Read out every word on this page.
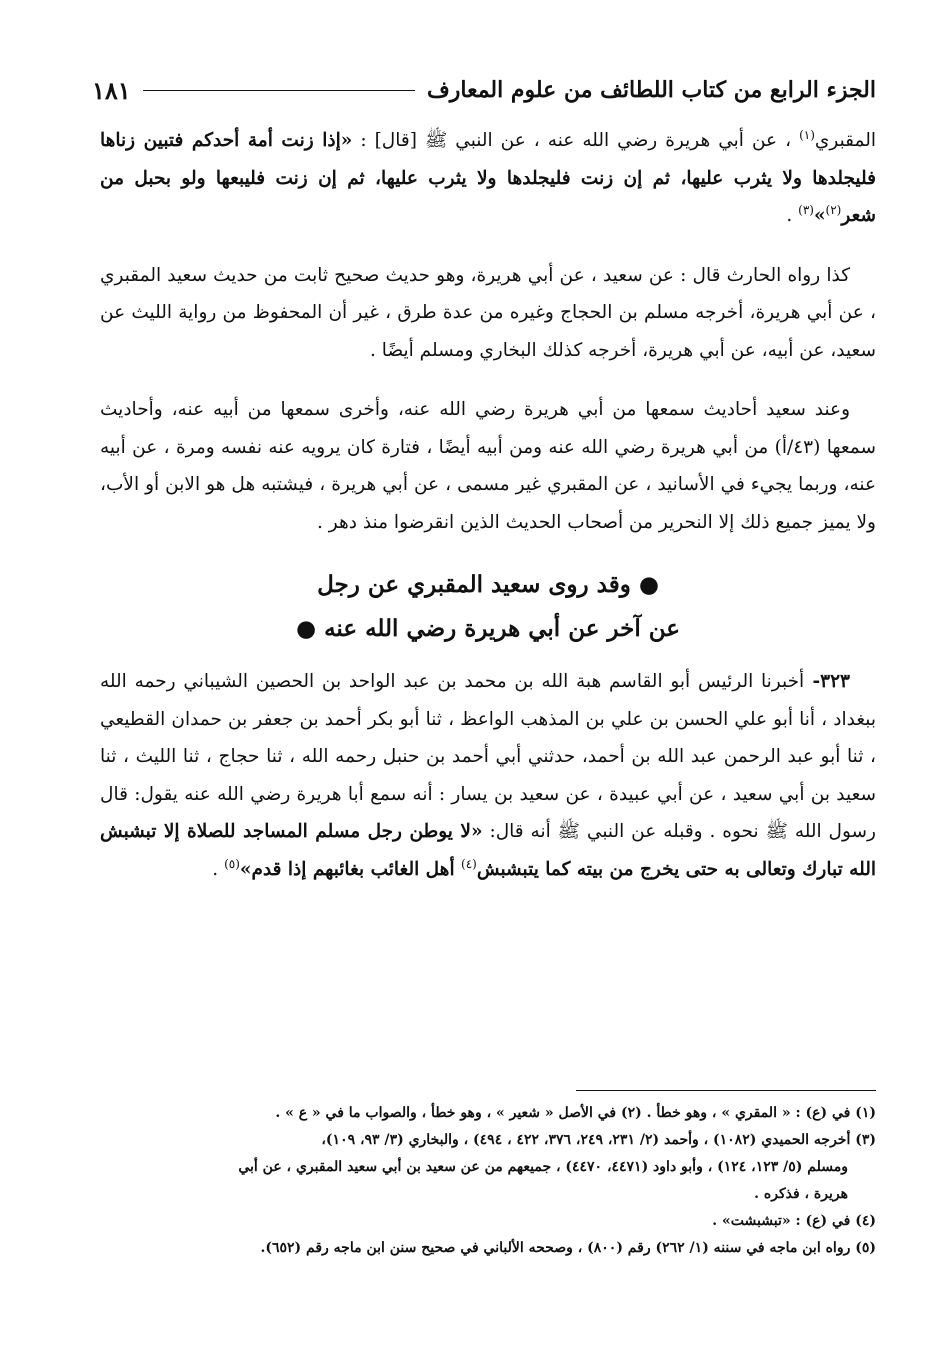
الجزء الرابع من كتاب اللطائف من علوم المعارف
١٨١

المقبري$^{(١)}$ ، عن أبي هريرة رضي الله عنه ، عن النبي ﷺ [قال] : «إذا زنت أمة أحدكم فتبين زناها فليجلدها ولا يثرب عليها، ثم إن زنت فليجلدها ولا يثرب عليها، ثم إن زنت فليبعها ولو بحبل من شعر$^{(٢)}$»$^{(٣)}$ .

كذا رواه الحارث قال : عن سعيد ، عن أبي هريرة، وهو حديث صحيح ثابت من حديث سعيد المقبري ، عن أبي هريرة، أخرجه مسلم بن الحجاج وغيره من عدة طرق ، غير أن المحفوظ من رواية الليث عن سعيد، عن أبيه، عن أبي هريرة، أخرجه كذلك البخاري ومسلم أيضًا .

وعند سعيد أحاديث سمعها من أبي هريرة رضي الله عنه، وأخرى سمعها من أبيه عنه، وأحاديث سمعها (٤٣/أ) من أبي هريرة رضي الله عنه ومن أبيه أيضًا ، فتارة كان يرويه عنه نفسه ومرة ، عن أبيه عنه، وربما يجيء في الأسانيد ، عن المقبري غير مسمى ، عن أبي هريرة ، فيشتبه هل هو الابن أو الأب، ولا يميز جميع ذلك إلا النحرير من أصحاب الحديث الذين انقرضوا منذ دهر .

● وقد روى سعيد المقبري عن رجل
عن آخر عن أبي هريرة رضي الله عنه ●

٣٢٣- أخبرنا الرئيس أبو القاسم هبة الله بن محمد بن عبد الواحد بن الحصين الشيباني رحمه الله ببغداد ، أنا أبو علي الحسن بن علي بن المذهب الواعظ ، ثنا أبو بكر أحمد بن جعفر بن حمدان القطيعي ، ثنا أبو عبد الرحمن عبد الله بن أحمد، حدثني أبي أحمد بن حنبل رحمه الله ، ثنا حجاج ، ثنا الليث ، ثنا سعيد بن أبي سعيد ، عن أبي عبيدة ، عن سعيد بن يسار : أنه سمع أبا هريرة رضي الله عنه يقول: قال رسول الله ﷺ نحوه . وقبله عن النبي ﷺ أنه قال: «لا يوطن رجل مسلم المساجد للصلاة إلا تبشبش الله تبارك وتعالى به حتى يخرج من بيته كما يتبشبش$^{(٤)}$ أهل الغائب بغائبهم إذا قدم»$^{(٥)}$ .

(١) في (ع) : « المقري » ، وهو خطأ . (٢) في الأصل « شعير » ، وهو خطأ ، والصواب ما في « ع » .

(٣) أخرجه الحميدي (١٠٨٢) ، وأحمد (٢/ ٢٣١، ٢٤٩، ٣٧٦، ٤٢٢ ، ٤٩٤) ، والبخاري (٣/ ٩٣، ١٠٩)،

ومسلم (٥/ ١٢٣، ١٢٤) ، وأبو داود (٤٤٧١، ٤٤٧٠) ، جميعهم من عن سعيد بن أبي سعيد المقبري ، عن أبي

هريرة ، فذكره .

(٤) في (ع) : «تبشبشت» .

(٥) رواه ابن ماجه في سننه (١/ ٢٦٢) رقم (٨٠٠) ، وصححه الألباني في صحيح سنن ابن ماجه رقم (٦٥٢).
